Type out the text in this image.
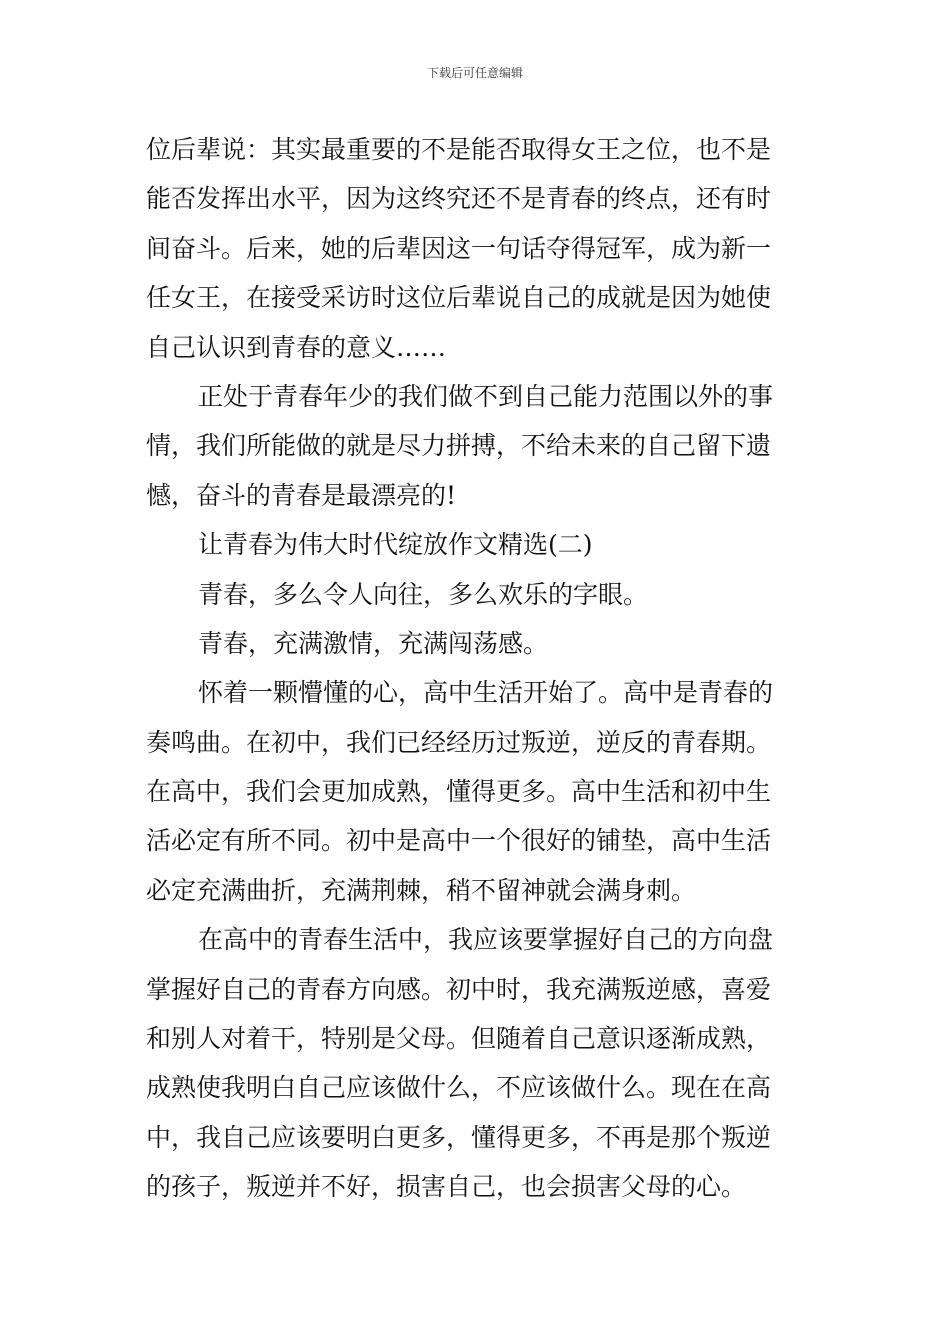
下载后可任意编辑
位后辈说：其实最重要的不是能否取得女王之位，也不是
能否发挥出水平，因为这终究还不是青春的终点，还有时
间奋斗。后来，她的后辈因这一句话夺得冠军，成为新一
任女王，在接受采访时这位后辈说自己的成就是因为她使
自己认识到青春的意义……
正处于青春年少的我们做不到自己能力范围以外的事
情，我们所能做的就是尽力拼搏，不给未来的自己留下遗
憾，奋斗的青春是最漂亮的!
让青春为伟大时代绽放作文精选(二)
青春，多么令人向往，多么欢乐的字眼。
青春，充满激情，充满闯荡感。
怀着一颗懵懂的心，高中生活开始了。高中是青春的
奏鸣曲。在初中，我们已经经历过叛逆，逆反的青春期。
在高中，我们会更加成熟，懂得更多。高中生活和初中生
活必定有所不同。初中是高中一个很好的铺垫，高中生活
必定充满曲折，充满荆棘，稍不留神就会满身刺。
在高中的青春生活中，我应该要掌握好自己的方向盘
掌握好自己的青春方向感。初中时，我充满叛逆感，喜爱
和别人对着干，特别是父母。但随着自己意识逐渐成熟，
成熟使我明白自己应该做什么，不应该做什么。现在在高
中，我自己应该要明白更多，懂得更多，不再是那个叛逆
的孩子，叛逆并不好，损害自己，也会损害父母的心。
